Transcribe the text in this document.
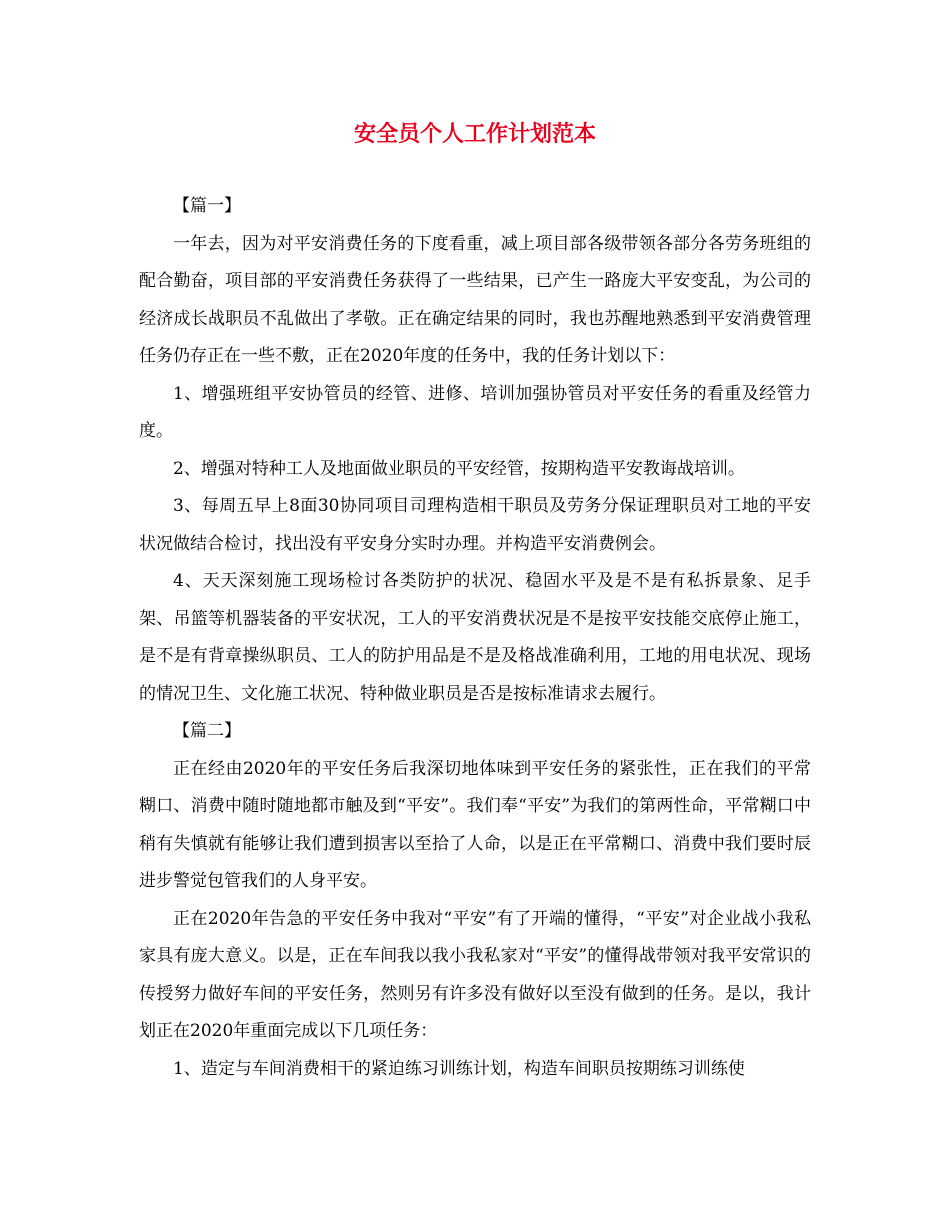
安全员个人工作计划范本

【篇一】

一年去，因为对平安消费任务的下度看重，减上项目部各级带领各部分各劳务班组的配合勤奋，项目部的平安消费任务获得了一些结果，已产生一路庞大平安变乱，为公司的经济成长战职员不乱做出了孝敬。正在确定结果的同时，我也苏醒地熟悉到平安消费管理任务仍存正在一些不敷，正在2020年度的任务中，我的任务计划以下：

1、增强班组平安协管员的经管、进修、培训加强协管员对平安任务的看重及经管力度。

2、增强对特种工人及地面做业职员的平安经管，按期构造平安教诲战培训。

3、每周五早上8面30协同项目司理构造相干职员及劳务分保证理职员对工地的平安状况做结合检讨，找出没有平安身分实时办理。并构造平安消费例会。

4、天天深刻施工现场检讨各类防护的状况、稳固水平及是不是有私拆景象、足手架、吊篮等机器装备的平安状况，工人的平安消费状况是不是按平安技能交底停止施工，是不是有背章操纵职员、工人的防护用品是不是及格战准确利用，工地的用电状况、现场的情况卫生、文化施工状况、特种做业职员是否是按标准请求去履行。

【篇二】

正在经由2020年的平安任务后我深切地体味到平安任务的紧张性，正在我们的平常糊口、消费中随时随地都市触及到“平安”。我们奉“平安”为我们的第两性命，平常糊口中稍有失慎就有能够让我们遭到损害以至拾了人命，以是正在平常糊口、消费中我们要时辰进步警觉包管我们的人身平安。

正在2020年告急的平安任务中我对“平安”有了开端的懂得，“平安”对企业战小我私家具有庞大意义。以是，正在车间我以我小我私家对“平安”的懂得战带领对我平安常识的传授努力做好车间的平安任务，然则另有许多没有做好以至没有做到的任务。是以，我计划正在2020年重面完成以下几项任务：

1、造定与车间消费相干的紧迫练习训练计划，构造车间职员按期练习训练使
